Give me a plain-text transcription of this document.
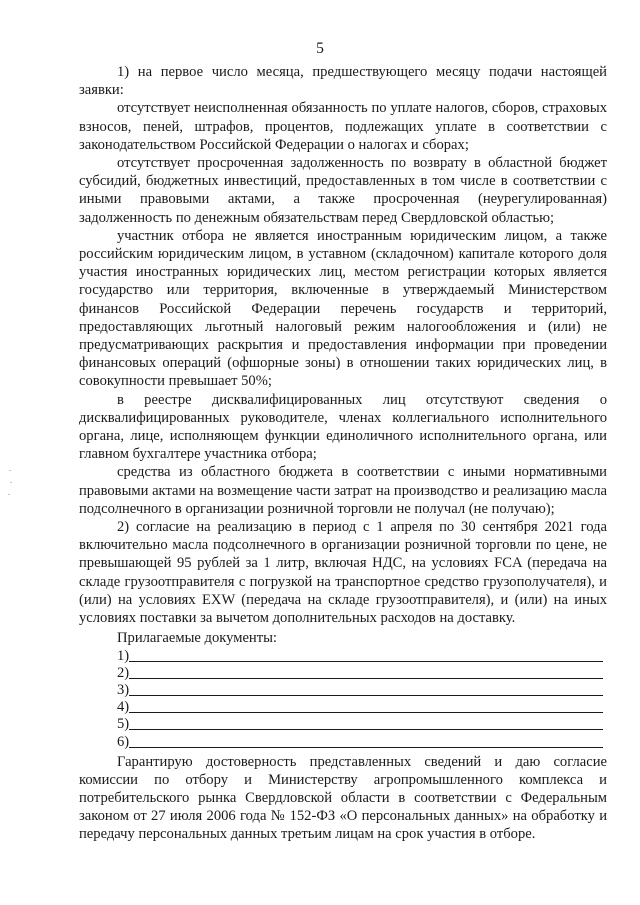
5

1) на первое число месяца, предшествующего месяцу подачи настоящей заявки:

отсутствует неисполненная обязанность по уплате налогов, сборов, страховых взносов, пеней, штрафов, процентов, подлежащих уплате в соответствии с законодательством Российской Федерации о налогах и сборах;

отсутствует просроченная задолженность по возврату в областной бюджет субсидий, бюджетных инвестиций, предоставленных в том числе в соответствии с иными правовыми актами, а также просроченная (неурегулированная) задолженность по денежным обязательствам перед Свердловской областью;

участник отбора не является иностранным юридическим лицом, а также российским юридическим лицом, в уставном (складочном) капитале которого доля участия иностранных юридических лиц, местом регистрации которых является государство или территория, включенные в утверждаемый Министерством финансов Российской Федерации перечень государств и территорий, предоставляющих льготный налоговый режим налогообложения и (или) не предусматривающих раскрытия и предоставления информации при проведении финансовых операций (офшорные зоны) в отношении таких юридических лиц, в совокупности превышает 50%;

в реестре дисквалифицированных лиц отсутствуют сведения о дисквалифицированных руководителе, членах коллегиального исполнительного органа, лице, исполняющем функции единоличного исполнительного органа, или главном бухгалтере участника отбора;

средства из областного бюджета в соответствии с иными нормативными правовыми актами на возмещение части затрат на производство и реализацию масла подсолнечного в организации розничной торговли не получал (не получаю);

2) согласие на реализацию в период с 1 апреля по 30 сентября 2021 года включительно масла подсолнечного в организации розничной торговли по цене, не превышающей 95 рублей за 1 литр, включая НДС, на условиях FCA (передача на складе грузоотправителя с погрузкой на транспортное средство грузополучателя), и (или) на условиях EXW (передача на складе грузоотправителя), и (или) на иных условиях поставки за вычетом дополнительных расходов на доставку.

Прилагаемые документы:

1)
2)
3)
4)
5)
6)

Гарантирую достоверность представленных сведений и даю согласие комиссии по отбору и Министерству агропромышленного комплекса и потребительского рынка Свердловской области в соответствии с Федеральным законом от 27 июля 2006 года № 152-ФЗ «О персональных данных» на обработку и передачу персональных данных третьим лицам на срок участия в отборе.
